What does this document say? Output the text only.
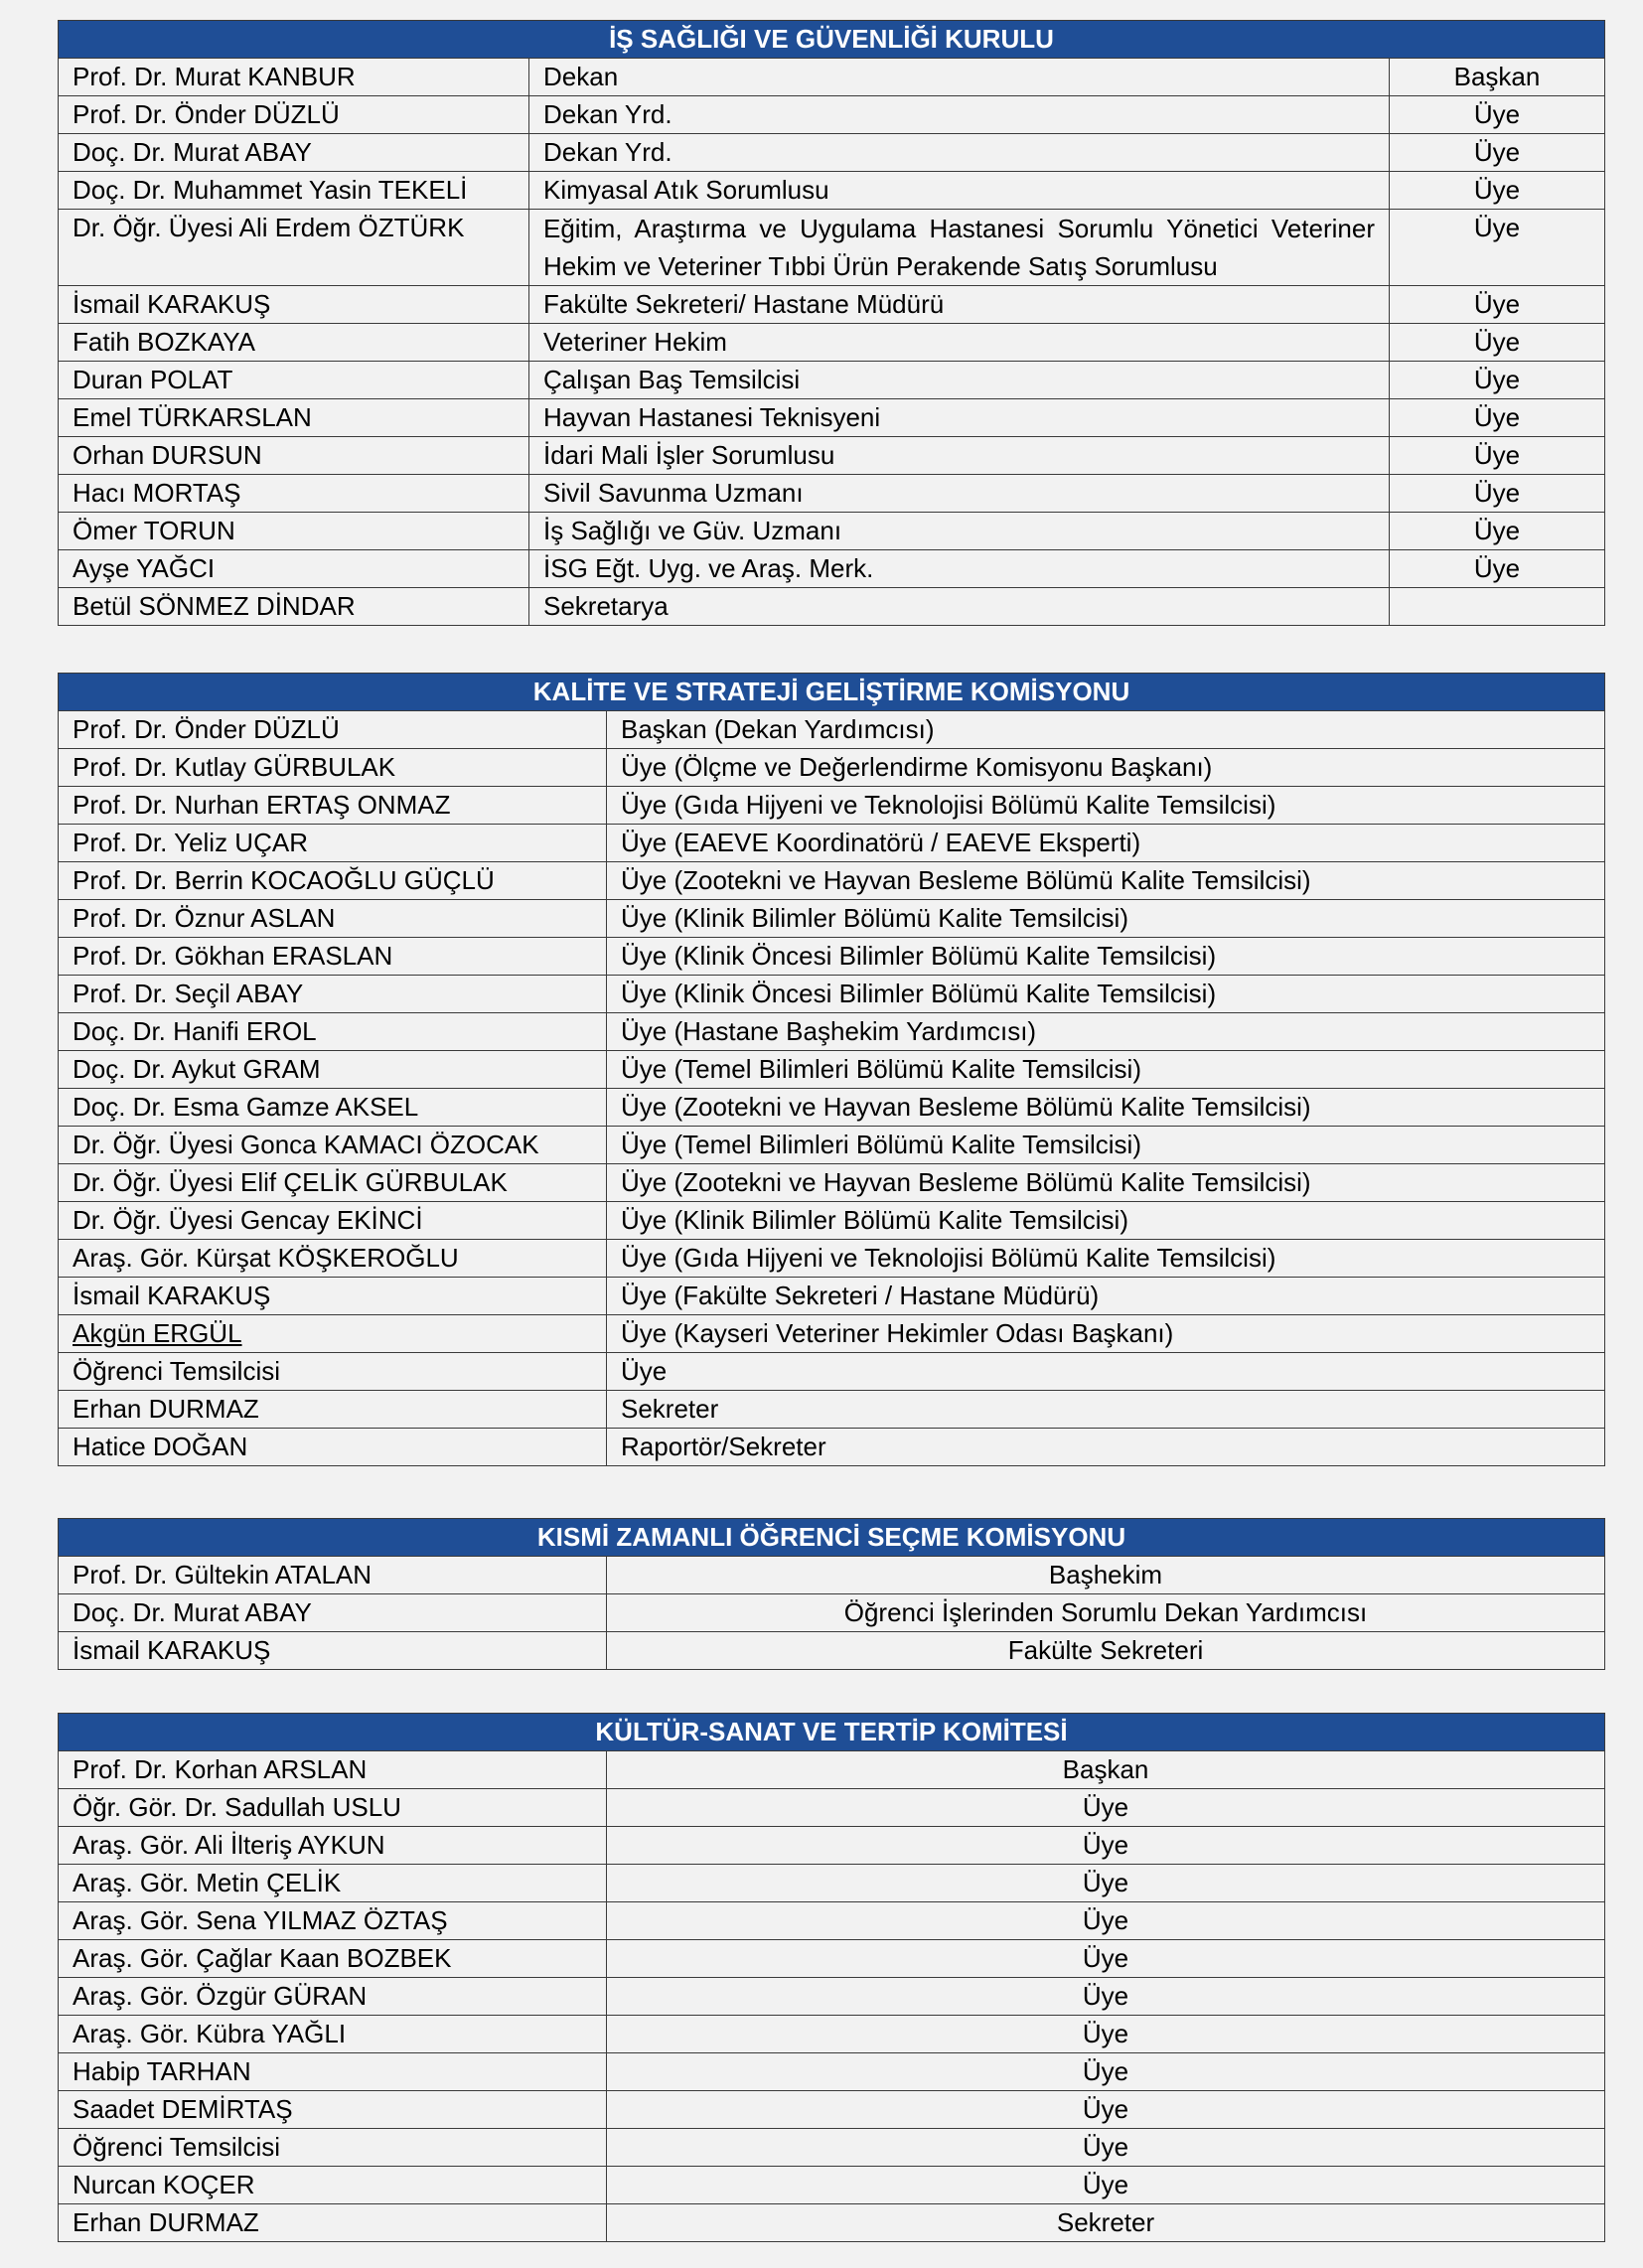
İŞ SAĞLIĞI VE GÜVENLİĞİ KURULU		
Prof. Dr. Murat KANBUR	Dekan	Başkan
Prof. Dr. Önder DÜZLÜ	Dekan Yrd.	Üye
Doç. Dr. Murat ABAY	Dekan Yrd.	Üye
Doç. Dr. Muhammet Yasin TEKELİ	Kimyasal Atık Sorumlusu	Üye
Dr. Öğr. Üyesi Ali Erdem ÖZTÜRK	Eğitim, Araştırma ve Uygulama Hastanesi Sorumlu Yönetici Veteriner Hekim ve Veteriner Tıbbi Ürün Perakende Satış Sorumlusu	Üye
İsmail KARAKUŞ	Fakülte Sekreteri/ Hastane Müdürü	Üye
Fatih BOZKAYA	Veteriner Hekim	Üye
Duran POLAT	Çalışan Baş Temsilcisi	Üye
Emel TÜRKARSLAN	Hayvan Hastanesi Teknisyeni	Üye
Orhan DURSUN	İdari Mali İşler Sorumlusu	Üye
Hacı MORTAŞ	Sivil Savunma Uzmanı	Üye
Ömer TORUN	İş Sağlığı ve Güv. Uzmanı	Üye
Ayşe YAĞCI	İSG Eğt. Uyg. ve Araş. Merk.	Üye
Betül SÖNMEZ DİNDAR	Sekretarya	
KALİTE VE STRATEJİ GELİŞTİRME KOMİSYONU	
Prof. Dr. Önder DÜZLÜ	Başkan (Dekan Yardımcısı)
Prof. Dr. Kutlay GÜRBULAK	Üye (Ölçme ve Değerlendirme Komisyonu Başkanı)
Prof. Dr. Nurhan ERTAŞ ONMAZ	Üye (Gıda Hijyeni ve Teknolojisi Bölümü Kalite Temsilcisi)
Prof. Dr. Yeliz UÇAR	Üye (EAEVE Koordinatörü / EAEVE Eksperti)
Prof. Dr. Berrin KOCAOĞLU GÜÇLÜ	Üye (Zootekni ve Hayvan Besleme Bölümü Kalite Temsilcisi)
Prof. Dr. Öznur ASLAN	Üye (Klinik Bilimler Bölümü Kalite Temsilcisi)
Prof. Dr. Gökhan ERASLAN	Üye (Klinik Öncesi Bilimler Bölümü Kalite Temsilcisi)
Prof. Dr. Seçil ABAY	Üye (Klinik Öncesi Bilimler Bölümü Kalite Temsilcisi)
Doç. Dr. Hanifi EROL	Üye (Hastane Başhekim Yardımcısı)
Doç. Dr. Aykut GRAM	Üye (Temel Bilimleri Bölümü Kalite Temsilcisi)
Doç. Dr. Esma Gamze AKSEL	Üye (Zootekni ve Hayvan Besleme Bölümü Kalite Temsilcisi)
Dr. Öğr. Üyesi Gonca KAMACI ÖZOCAK	Üye (Temel Bilimleri Bölümü Kalite Temsilcisi)
Dr. Öğr. Üyesi Elif ÇELİK GÜRBULAK	Üye (Zootekni ve Hayvan Besleme Bölümü Kalite Temsilcisi)
Dr. Öğr. Üyesi Gencay EKİNCİ	Üye (Klinik Bilimler Bölümü Kalite Temsilcisi)
Araş. Gör. Kürşat KÖŞKEROĞLU	Üye (Gıda Hijyeni ve Teknolojisi Bölümü Kalite Temsilcisi)
İsmail KARAKUŞ	Üye (Fakülte Sekreteri / Hastane Müdürü)
Akgün ERGÜL	Üye (Kayseri Veteriner Hekimler Odası Başkanı)
Öğrenci Temsilcisi	Üye
Erhan DURMAZ	Sekreter
Hatice DOĞAN	Raportör/Sekreter
KISMİ ZAMANLI ÖĞRENCİ SEÇME KOMİSYONU	
Prof. Dr. Gültekin ATALAN	Başhekim
Doç. Dr. Murat ABAY	Öğrenci İşlerinden Sorumlu Dekan Yardımcısı
İsmail KARAKUŞ	Fakülte Sekreteri
KÜLTÜR-SANAT VE TERTİP KOMİTESİ	
Prof. Dr. Korhan ARSLAN	Başkan
Öğr. Gör. Dr. Sadullah USLU	Üye
Araş. Gör. Ali İlteriş AYKUN	Üye
Araş. Gör. Metin ÇELİK	Üye
Araş. Gör. Sena YILMAZ ÖZTAŞ	Üye
Araş. Gör. Çağlar Kaan BOZBEK	Üye
Araş. Gör. Özgür GÜRAN	Üye
Araş. Gör. Kübra YAĞLI	Üye
Habip TARHAN	Üye
Saadet DEMİRTAŞ	Üye
Öğrenci Temsilcisi	Üye
Nurcan KOÇER	Üye
Erhan DURMAZ	Sekreter
